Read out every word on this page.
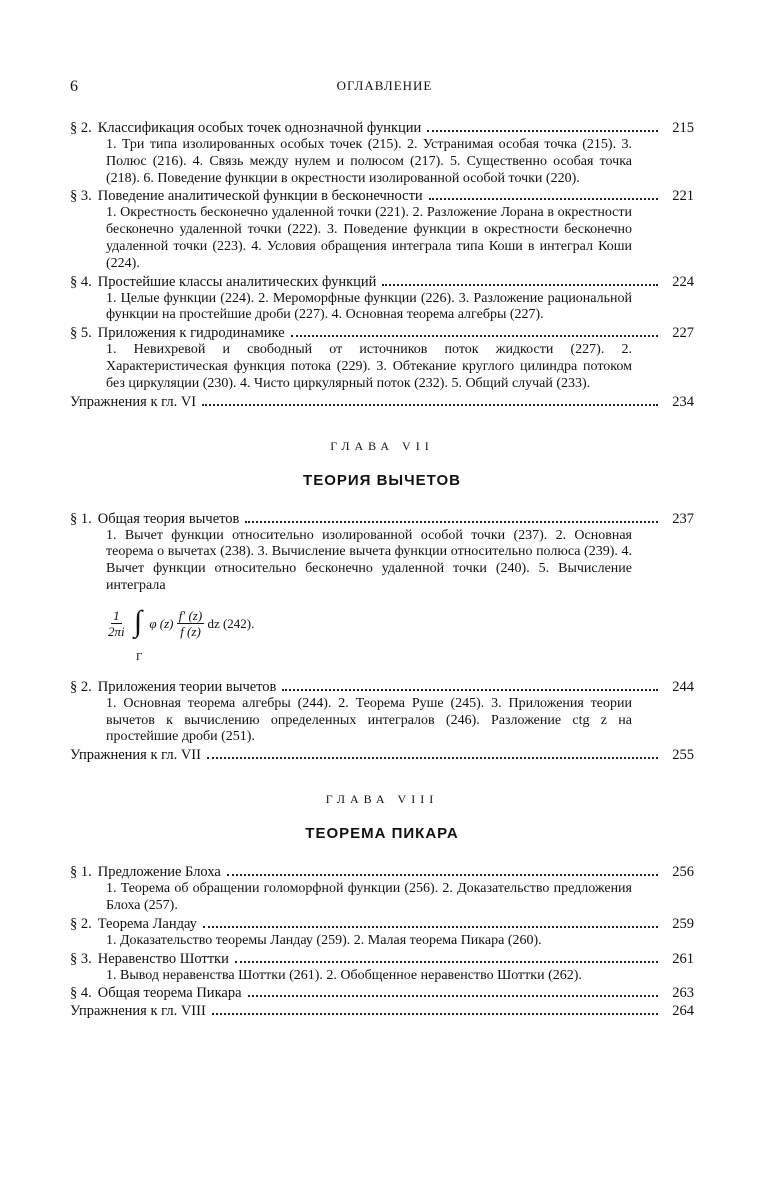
6	ОГЛАВЛЕНИЕ
§ 2. Классификация особых точек однозначной функции	215
1. Три типа изолированных особых точек (215). 2. Устранимая особая точка (215). 3. Полюс (216). 4. Связь между нулем и полюсом (217). 5. Существенно особая точка (218). 6. Поведение функции в окрестности изолированной особой точки (220).
§ 3. Поведение аналитической функции в бесконечности	221
1. Окрестность бесконечно удаленной точки (221). 2. Разложение Лорана в окрестности бесконечно удаленной точки (222). 3. Поведение функции в окрестности бесконечно удаленной точки (223). 4. Условия обращения интеграла типа Коши в интеграл Коши (224).
§ 4. Простейшие классы аналитических функций	224
1. Целые функции (224). 2. Мероморфные функции (226). 3. Разложение рациональной функции на простейшие дроби (227). 4. Основная теорема алгебры (227).
§ 5. Приложения к гидродинамике	227
1. Невихревой и свободный от источников поток жидкости (227). 2. Характеристическая функция потока (229). 3. Обтекание круглого цилиндра потоком без циркуляции (230). 4. Чисто циркулярный поток (232). 5. Общий случай (233).
Упражнения к гл. VI	234
ГЛАВА VII
ТЕОРИЯ ВЫЧЕТОВ
§ 1. Общая теория вычетов	237
1. Вычет функции относительно изолированной особой точки (237). 2. Основная теорема о вычетах (238). 3. Вычисление вычета функции относительно полюса (239). 4. Вычет функции относительно бесконечно удаленной точки (240). 5. Вычисление интеграла
$\frac{1}{2\pi i}$ ∫ φ $(z) \frac{f' (z)}{f (z)}$ dz (242).
Γ
§ 2. Приложения теории вычетов	244
1. Основная теорема алгебры (244). 2. Теорема Руше (245). 3. Приложения теории вычетов к вычислению определенных интегралов (246). Разложение ctg z на простейшие дроби (251).
Упражнения к гл. VII	255
ГЛАВА VIII
ТЕОРЕМА ПИКАРА
§ 1. Предложение Блоха	256
1. Теорема об обращении голоморфной функции (256). 2. Доказательство предложения Блоха (257).
§ 2. Теорема Ландау	259
1. Доказательство теоремы Ландау (259). 2. Малая теорема Пикара (260).
§ 3. Неравенство Шоттки	261
1. Вывод неравенства Шоттки (261). 2. Обобщенное неравенство Шоттки (262).
§ 4. Общая теорема Пикара	263
Упражнения к гл. VIII	264
